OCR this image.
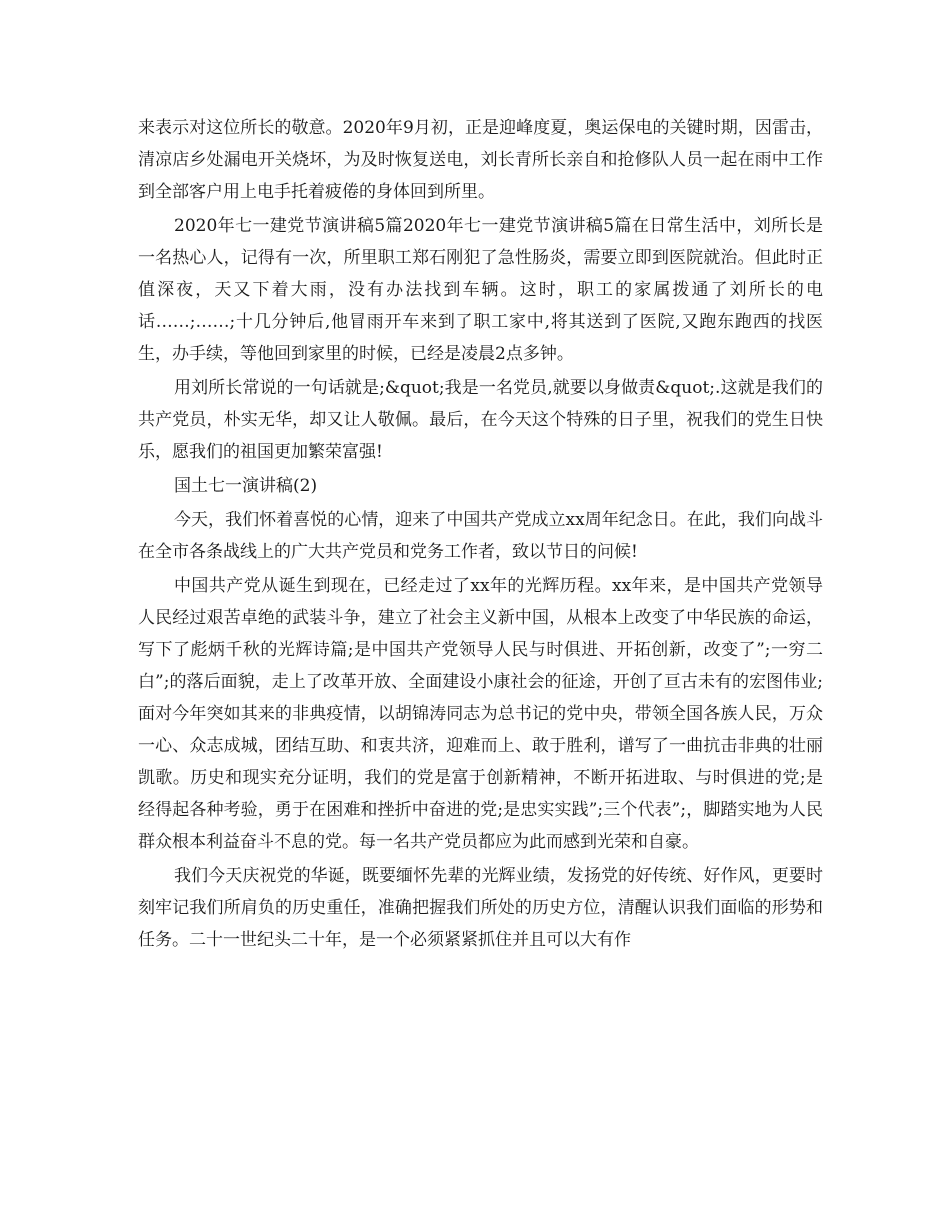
来表示对这位所长的敬意。2020年9月初，正是迎峰度夏，奥运保电的关键时期，因雷击，清凉店乡处漏电开关烧坏，为及时恢复送电，刘长青所长亲自和抢修队人员一起在雨中工作到全部客户用上电手托着疲倦的身体回到所里。

2020年七一建党节演讲稿5篇2020年七一建党节演讲稿5篇在日常生活中，刘所长是一名热心人，记得有一次，所里职工郑石刚犯了急性肠炎，需要立即到医院就治。但此时正值深夜，天又下着大雨，没有办法找到车辆。这时，职工的家属拨通了刘所长的电话……;……;十几分钟后,他冒雨开车来到了职工家中,将其送到了医院,又跑东跑西的找医生，办手续，等他回到家里的时候，已经是凌晨2点多钟。

用刘所长常说的一句话就是;&quot;我是一名党员,就要以身做责&quot;.这就是我们的共产党员，朴实无华，却又让人敬佩。最后，在今天这个特殊的日子里，祝我们的党生日快乐，愿我们的祖国更加繁荣富强!

国土七一演讲稿(2)

今天，我们怀着喜悦的心情，迎来了中国共产党成立xx周年纪念日。在此，我们向战斗在全市各条战线上的广大共产党员和党务工作者，致以节日的问候!

中国共产党从诞生到现在，已经走过了xx年的光辉历程。xx年来，是中国共产党领导人民经过艰苦卓绝的武装斗争，建立了社会主义新中国，从根本上改变了中华民族的命运，写下了彪炳千秋的光辉诗篇;是中国共产党领导人民与时俱进、开拓创新，改变了”;一穷二白”;的落后面貌，走上了改革开放、全面建设小康社会的征途，开创了亘古未有的宏图伟业;面对今年突如其来的非典疫情，以胡锦涛同志为总书记的党中央，带领全国各族人民，万众一心、众志成城，团结互助、和衷共济，迎难而上、敢于胜利，谱写了一曲抗击非典的壮丽凯歌。历史和现实充分证明，我们的党是富于创新精神，不断开拓进取、与时俱进的党;是经得起各种考验，勇于在困难和挫折中奋进的党;是忠实实践”;三个代表”;，脚踏实地为人民群众根本利益奋斗不息的党。每一名共产党员都应为此而感到光荣和自豪。

我们今天庆祝党的华诞，既要缅怀先辈的光辉业绩，发扬党的好传统、好作风，更要时刻牢记我们所肩负的历史重任，准确把握我们所处的历史方位，清醒认识我们面临的形势和任务。二十一世纪头二十年，是一个必须紧紧抓住并且可以大有作
